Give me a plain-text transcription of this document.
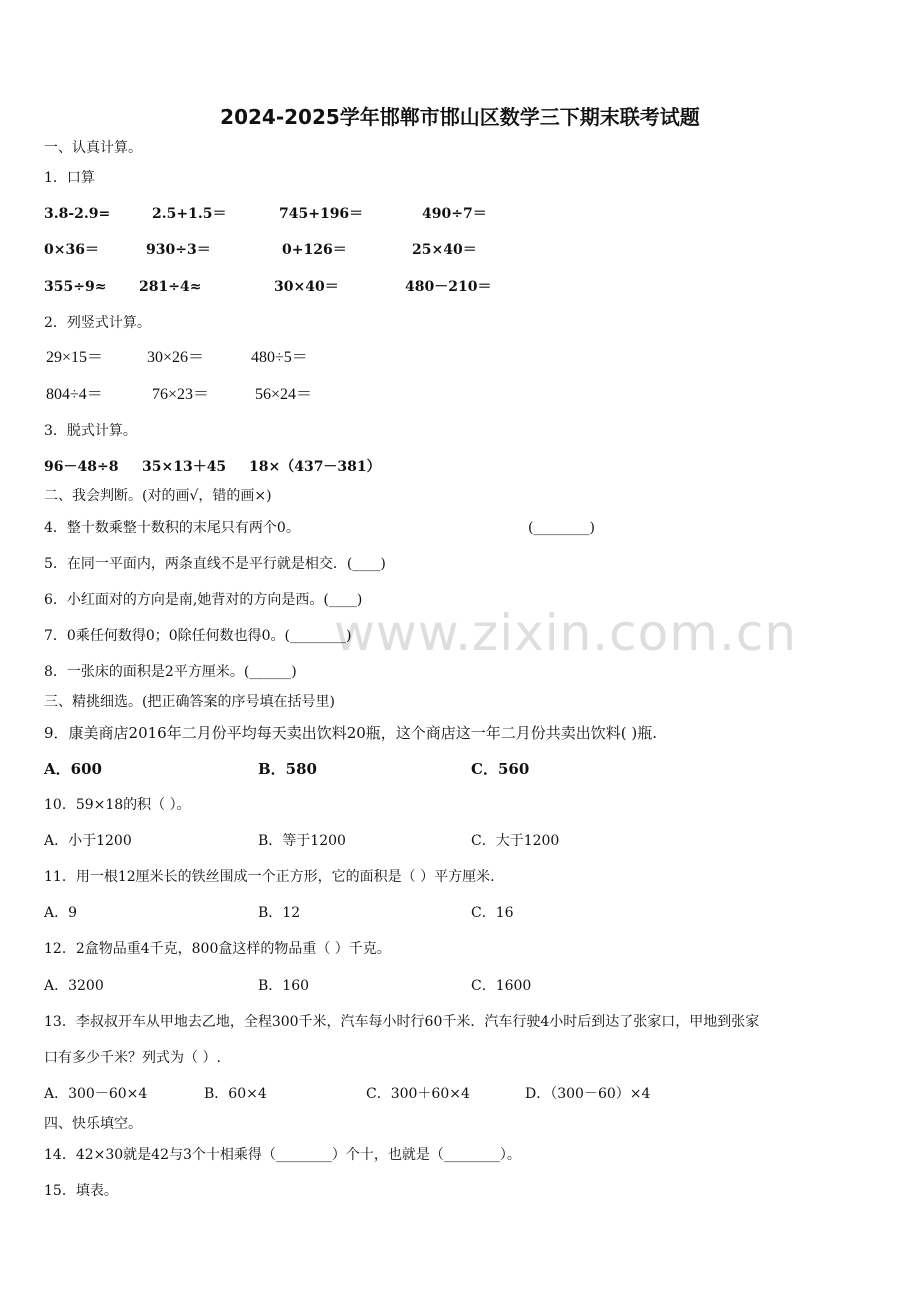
2024-2025学年邯郸市邯山区数学三下期末联考试题
www.zixin.com.cn
一、认真计算。
1．口算
3.8-2.9=	2.5+1.5＝	745+196＝	490÷7＝
0×36＝	930÷3＝	0+126＝	25×40＝
355÷9≈ 281÷4≈	30×40＝	480－210＝
2．列竖式计算。
29×15＝	30×26＝	480÷5＝
804÷4＝	76×23＝	56×24＝
3．脱式计算。
96－48÷8 35×13＋45 18×（437－381）
二、我会判断。(对的画√，错的画×)
4．整十数乘整十数积的末尾只有两个0。	(________)
5．在同一平面内，两条直线不是平行就是相交．(____)
6．小红面对的方向是南,她背对的方向是西。(____)
7．0乘任何数得0；0除任何数也得0。(________)
8．一张床的面积是2平方厘米。(______)
三、精挑细选。(把正确答案的序号填在括号里)
9．康美商店2016年二月份平均每天卖出饮料20瓶，这个商店这一年二月份共卖出饮料( )瓶.
A．600	B．580	C．560
10．59×18的积（ ）。
A．小于1200	B．等于1200	C．大于1200
11．用一根12厘米长的铁丝围成一个正方形，它的面积是（ ）平方厘米.
A．9	B．12	C．16
12．2盒物品重4千克，800盒这样的物品重（ ）千克。
A．3200	B．160	C．1600
13．李叔叔开车从甲地去乙地，全程300千米，汽车每小时行60千米．汽车行驶4小时后到达了张家口，甲地到张家
口有多少千米？列式为（ ）.
A．300－60×4	B．60×4	C．300＋60×4	D．（300－60）×4
四、快乐填空。
14．42×30就是42与3个十相乘得（________）个十，也就是（________）。
15．填表。
